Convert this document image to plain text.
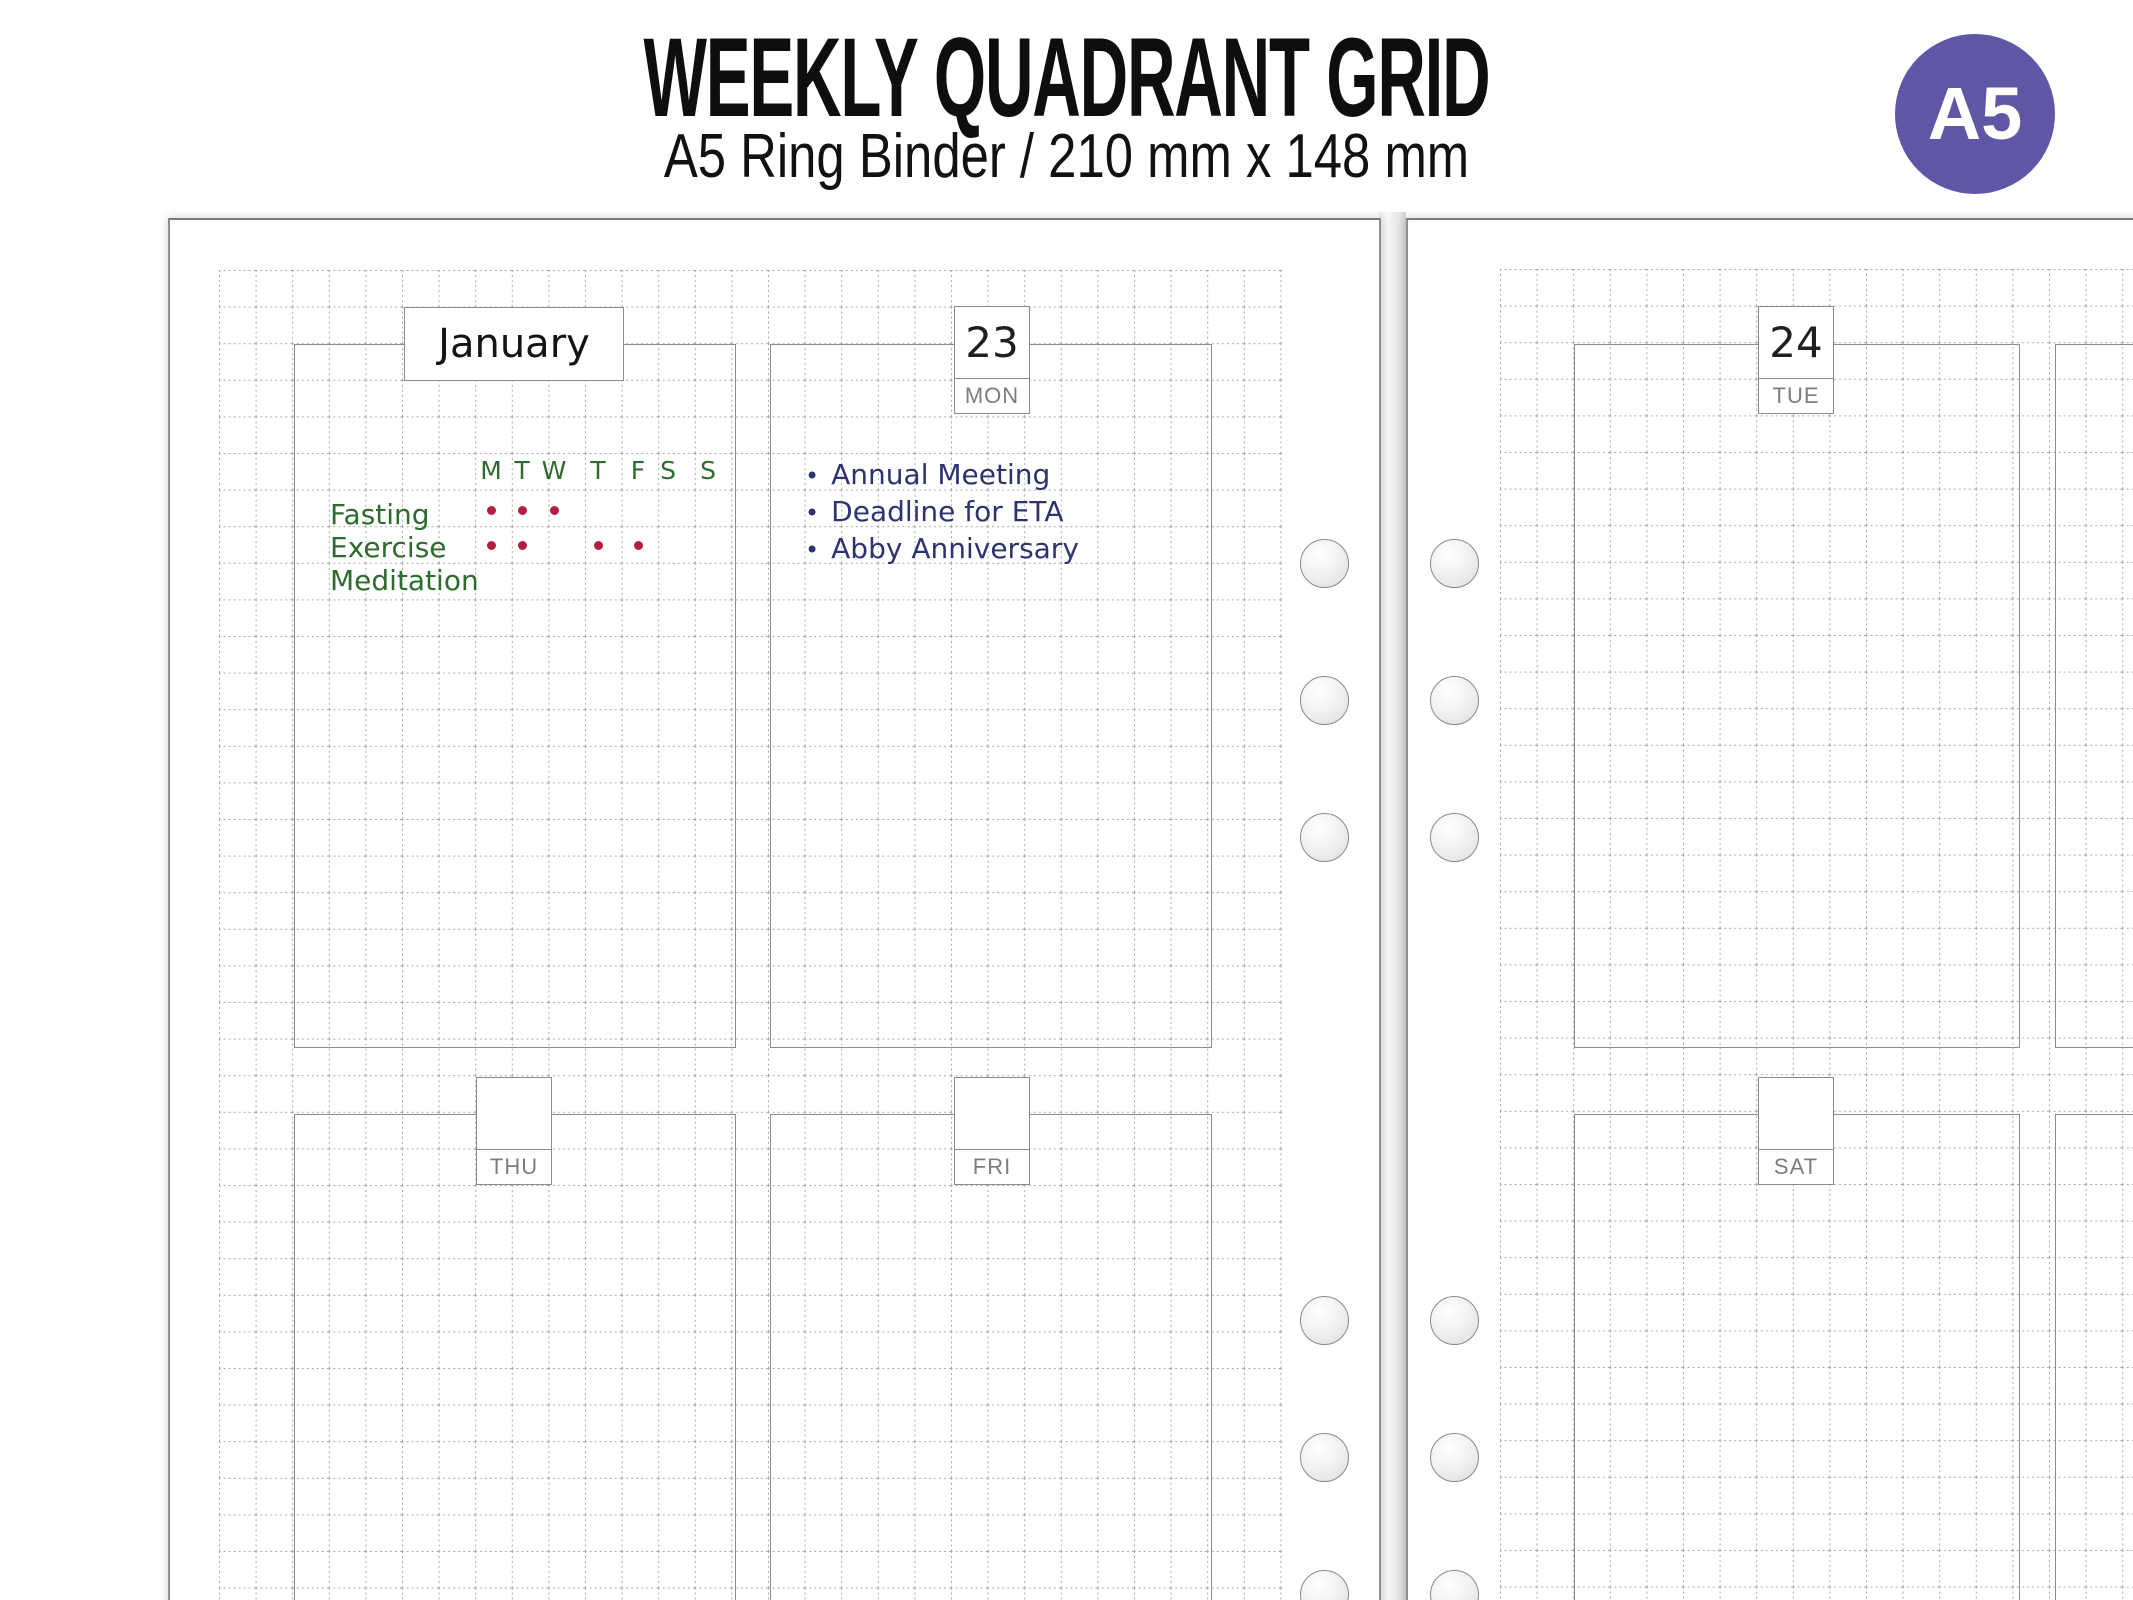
WEEKLY QUADRANT GRID
A5 Ring Binder / 210 mm x 148 mm
A5
January	23
MON
• Annual Meeting
• Deadline for ETA
• Abby Anniversary
M T W T F S S
Fasting
Exercise
Meditation
THU	FRI
24
TUE
SAT
